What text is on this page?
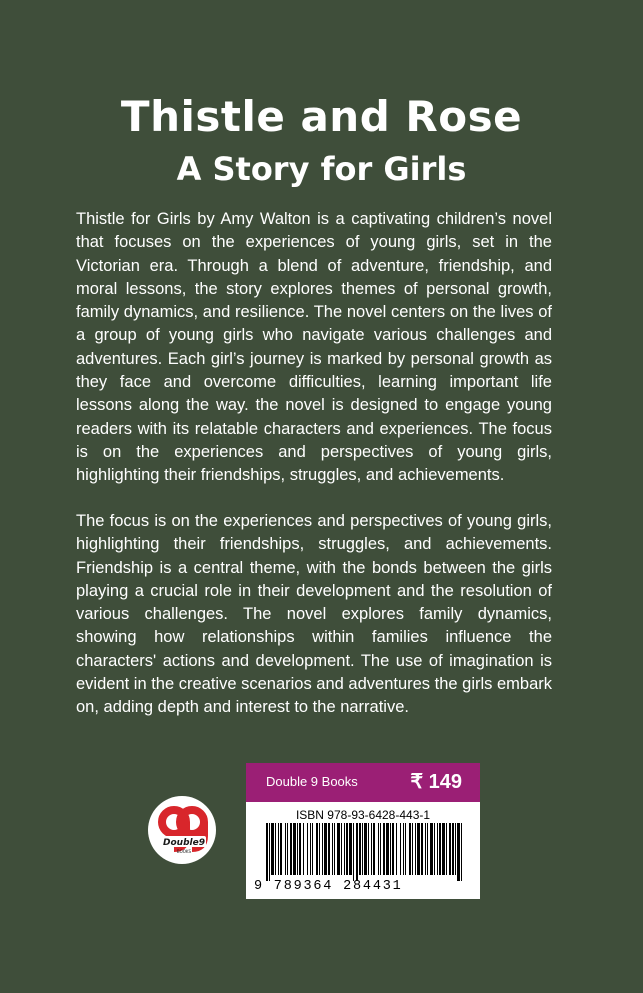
Thistle and Rose
A Story for Girls

Thistle for Girls by Amy Walton is a captivating children’s novel that focuses on the experiences of young girls, set in the Victorian era. Through a blend of adventure, friendship, and moral lessons, the story explores themes of personal growth, family dynamics, and resilience. The novel centers on the lives of a group of young girls who navigate various challenges and adventures. Each girl’s journey is marked by personal growth as they face and overcome difficulties, learning important life lessons along the way. the novel is designed to engage young readers with its relatable characters and experiences. The focus is on the experiences and perspectives of young girls, highlighting their friendships, struggles, and achievements.

The focus is on the experiences and perspectives of young girls, highlighting their friendships, struggles, and achievements. Friendship is a central theme, with the bonds between the girls playing a crucial role in their development and the resolution of various challenges. The novel explores family dynamics, showing how relationships within families influence the characters' actions and development. The use of imagination is evident in the creative scenarios and adventures the girls embark on, adding depth and interest to the narrative.

Double9
BOOKS
Double 9 Books	₹ 149
ISBN 978-93-6428-443-1
9 789364 284431
